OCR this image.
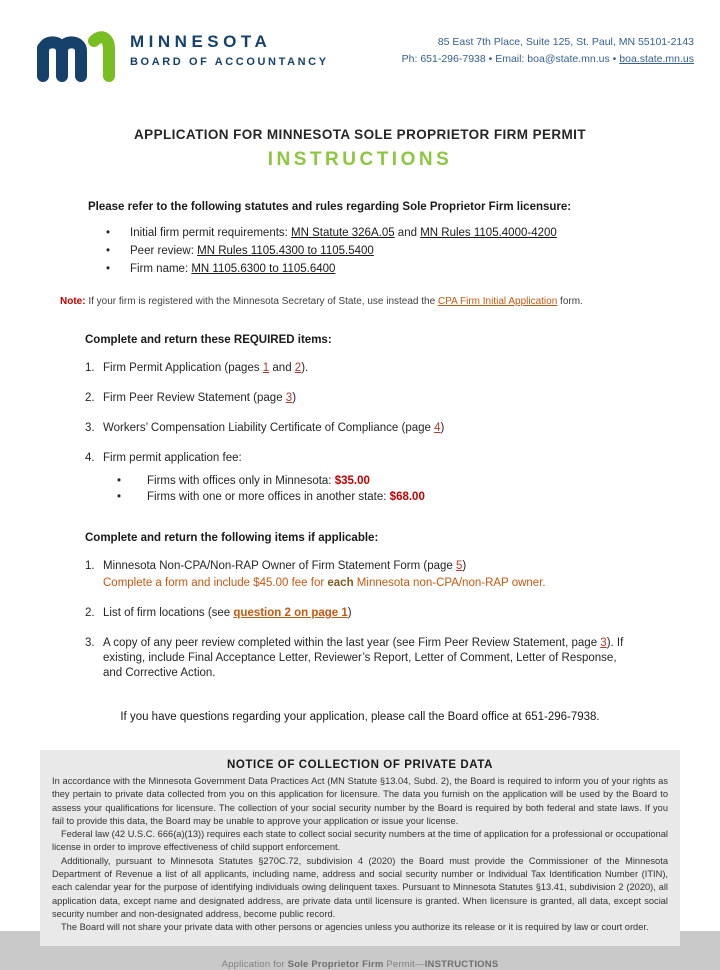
MINNESOTA
BOARD OF ACCOUNTANCY
85 East 7th Place, Suite 125, St. Paul, MN 55101-2143
Ph: 651-296-7938 • Email: boa@state.mn.us • boa.state.mn.us
APPLICATION FOR MINNESOTA SOLE PROPRIETOR FIRM PERMIT
INSTRUCTIONS
Please refer to the following statutes and rules regarding Sole Proprietor Firm licensure:
•	Initial firm permit requirements: MN Statute 326A.05 and MN Rules 1105.4000-4200
•	Peer review: MN Rules 1105.4300 to 1105.5400
•	Firm name: MN 1105.6300 to 1105.6400

Note: If your firm is registered with the Minnesota Secretary of State, use instead the CPA Firm Initial Application form.

Complete and return these REQUIRED items:
1. Firm Permit Application (pages 1 and 2).
2. Firm Peer Review Statement (page 3)
3. Workers’ Compensation Liability Certificate of Compliance (page 4)
4. Firm permit application fee:
•	Firms with offices only in Minnesota: $35.00
•	Firms with one or more offices in another state: $68.00
Complete and return the following items if applicable:
1. Minnesota Non-CPA/Non-RAP Owner of Firm Statement Form (page 5)
Complete a form and include $45.00 fee for each Minnesota non-CPA/non-RAP owner.
2. List of firm locations (see question 2 on page 1)
3. A copy of any peer review completed within the last year (see Firm Peer Review Statement, page 3). If existing, include Final Acceptance Letter, Reviewer’s Report, Letter of Comment, Letter of Response, and Corrective Action.

If you have questions regarding your application, please call the Board office at 651-296-7938.

NOTICE OF COLLECTION OF PRIVATE DATA

In accordance with the Minnesota Government Data Practices Act (MN Statute §13.04, Subd. 2), the Board is required to inform you of your rights as they pertain to private data collected from you on this application for licensure. The data you furnish on the application will be used by the Board to assess your qualifications for licensure. The collection of your social security number by the Board is required by both federal and state laws. If you fail to provide this data, the Board may be unable to approve your application or issue your license.

Federal law (42 U.S.C. 666(a)(13)) requires each state to collect social security numbers at the time of application for a professional or occupational license in order to improve effectiveness of child support enforcement.

Additionally, pursuant to Minnesota Statutes §270C.72, subdivision 4 (2020) the Board must provide the Commissioner of the Minnesota Department of Revenue a list of all applicants, including name, address and social security number or Individual Tax Identification Number (ITIN), each calendar year for the purpose of identifying individuals owing delinquent taxes. Pursuant to Minnesota Statutes §13.41, subdivision 2 (2020), all application data, except name and designated address, are private data until licensure is granted. When licensure is granted, all data, except social security number and non-designated address, become public record.

The Board will not share your private data with other persons or agencies unless you authorize its release or it is required by law or court order.

Application for Sole Proprietor Firm Permit—INSTRUCTIONS
